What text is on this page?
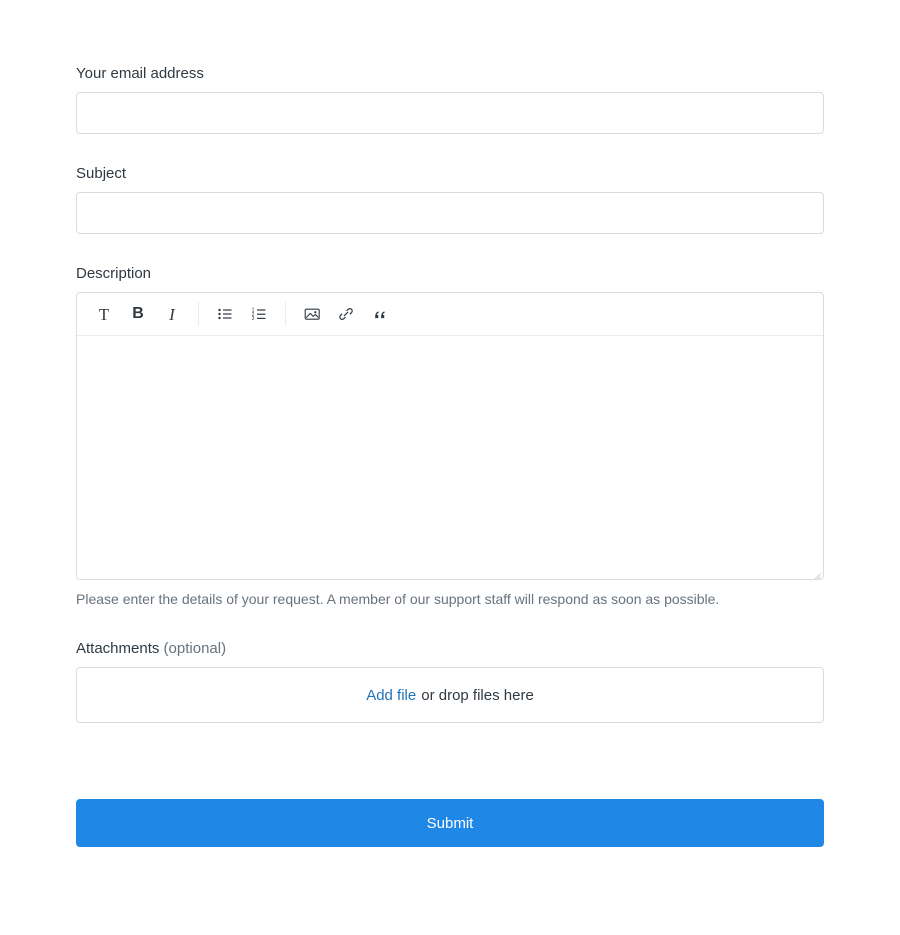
Your email address
Subject
Description
T	B	I	1
2
3
Please enter the details of your request. A member of our support staff will respond as soon as possible.
Attachments (optional)
Add file or drop files here
Submit
